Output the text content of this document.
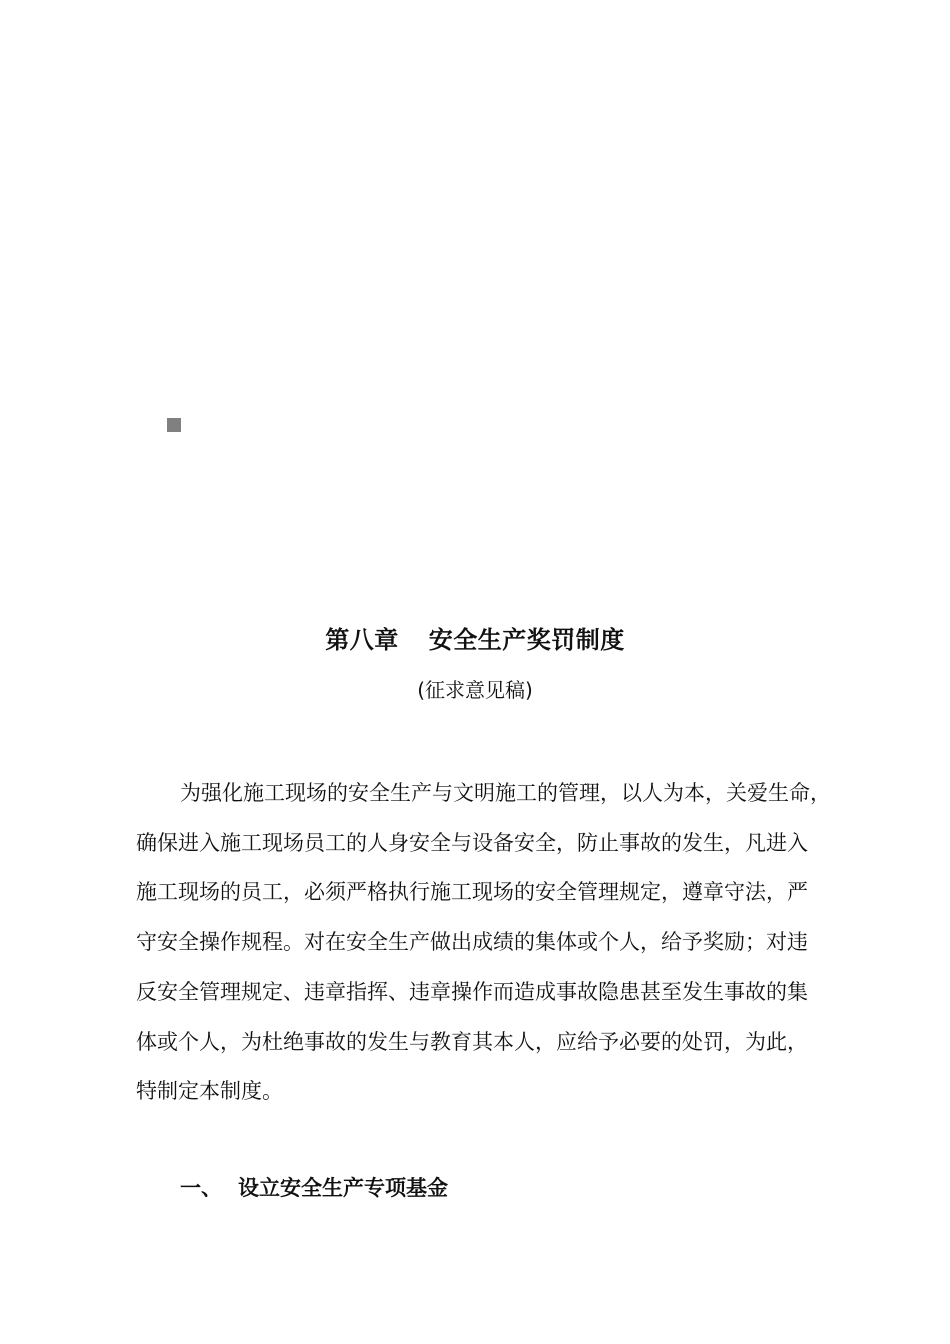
第八章 安全生产奖罚制度
(征求意见稿)
为强化施工现场的安全生产与文明施工的管理，以人为本，关爱生命，
确保进入施工现场员工的人身安全与设备安全，防止事故的发生，凡进入
施工现场的员工，必须严格执行施工现场的安全管理规定，遵章守法，严
守安全操作规程。对在安全生产做出成绩的集体或个人，给予奖励；对违
反安全管理规定、违章指挥、违章操作而造成事故隐患甚至发生事故的集
体或个人，为杜绝事故的发生与教育其本人，应给予必要的处罚，为此，
特制定本制度。
一、 设立安全生产专项基金
